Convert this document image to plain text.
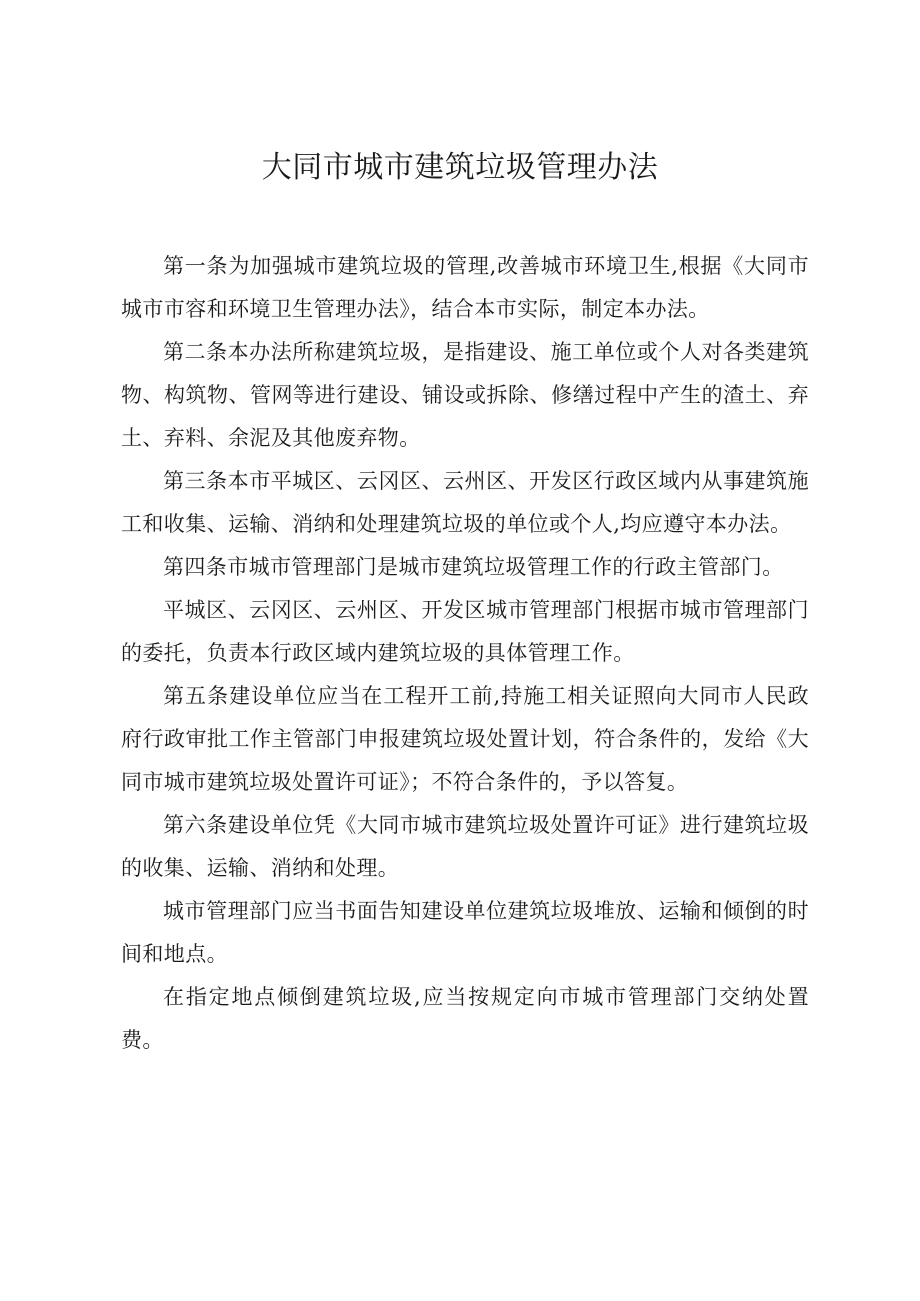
大同市城市建筑垃圾管理办法

第一条为加强城市建筑垃圾的管理,改善城市环境卫生,根据《大同市城市市容和环境卫生管理办法》，结合本市实际，制定本办法。

第二条本办法所称建筑垃圾，是指建设、施工单位或个人对各类建筑物、构筑物、管网等进行建设、铺设或拆除、修缮过程中产生的渣土、弃土、弃料、余泥及其他废弃物。

第三条本市平城区、云冈区、云州区、开发区行政区域内从事建筑施工和收集、运输、消纳和处理建筑垃圾的单位或个人,均应遵守本办法。

第四条市城市管理部门是城市建筑垃圾管理工作的行政主管部门。

平城区、云冈区、云州区、开发区城市管理部门根据市城市管理部门的委托，负责本行政区域内建筑垃圾的具体管理工作。

第五条建设单位应当在工程开工前,持施工相关证照向大同市人民政府行政审批工作主管部门申报建筑垃圾处置计划，符合条件的，发给《大同市城市建筑垃圾处置许可证》；不符合条件的，予以答复。

第六条建设单位凭《大同市城市建筑垃圾处置许可证》进行建筑垃圾的收集、运输、消纳和处理。

城市管理部门应当书面告知建设单位建筑垃圾堆放、运输和倾倒的时间和地点。

在指定地点倾倒建筑垃圾,应当按规定向市城市管理部门交纳处置费。
